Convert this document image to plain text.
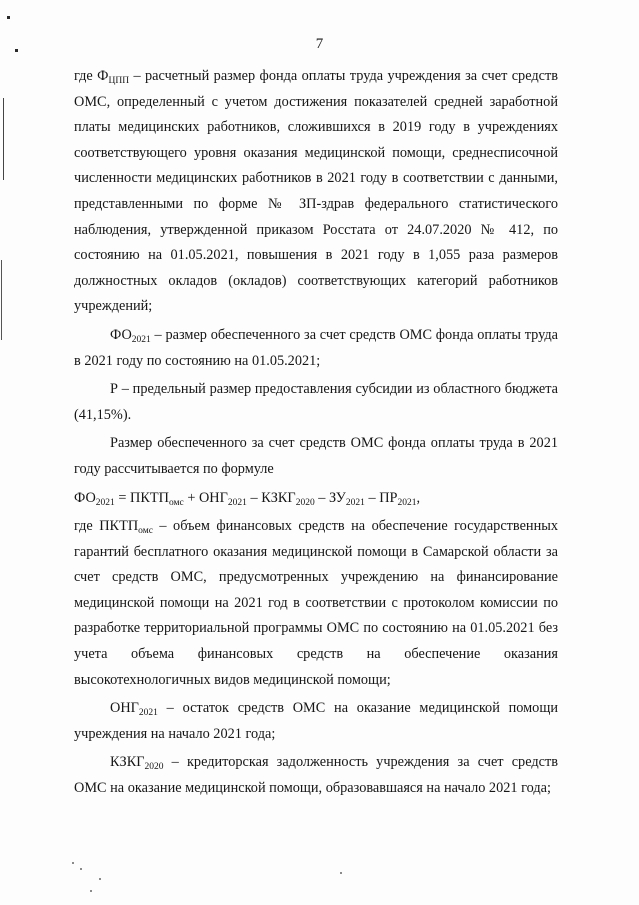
7

где $Ф_{ЦПП}$ – расчетный размер фонда оплаты труда учреждения за счет средств ОМС, определенный с учетом достижения показателей средней заработной платы медицинских работников, сложившихся в 2019 году в учреждениях соответствующего уровня оказания медицинской помощи, среднесписочной численности медицинских работников в 2021 году в соответствии с данными, представленными по форме № ЗП-здрав федерального статистического наблюдения, утвержденной приказом Росстата от 24.07.2020 № 412, по состоянию на 01.05.2021, повышения в 2021 году в 1,055 раза размеров должностных окладов (окладов) соответствующих категорий работников учреждений;

$ФО_{2021}$ – размер обеспеченного за счет средств ОМС фонда оплаты труда в 2021 году по состоянию на 01.05.2021;

Р – предельный размер предоставления субсидии из областного бюджета (41,15%).

Размер обеспеченного за счет средств ОМС фонда оплаты труда в 2021 году рассчитывается по формуле

$ФО_{2021}$ = $ПКТП_{омс} + ОНГ_{2021}$ – $КЗКГ_{2020} - ЗУ_{2021} - ПР_{2021}$,

где $ПКТП_{омс}$ – объем финансовых средств на обеспечение государственных гарантий бесплатного оказания медицинской помощи в Самарской области за счет средств ОМС, предусмотренных учреждению на финансирование медицинской помощи на 2021 год в соответствии с протоколом комиссии по разработке территориальной программы ОМС по состоянию на 01.05.2021 без учета объема финансовых средств на обеспечение оказания высокотехнологичных видов медицинской помощи;

$ОНГ_{2021}$ – остаток средств ОМС на оказание медицинской помощи учреждения на начало 2021 года;

$КЗКГ_{2020}$ – кредиторская задолженность учреждения за счет средств ОМС на оказание медицинской помощи, образовавшаяся на начало 2021 года;
